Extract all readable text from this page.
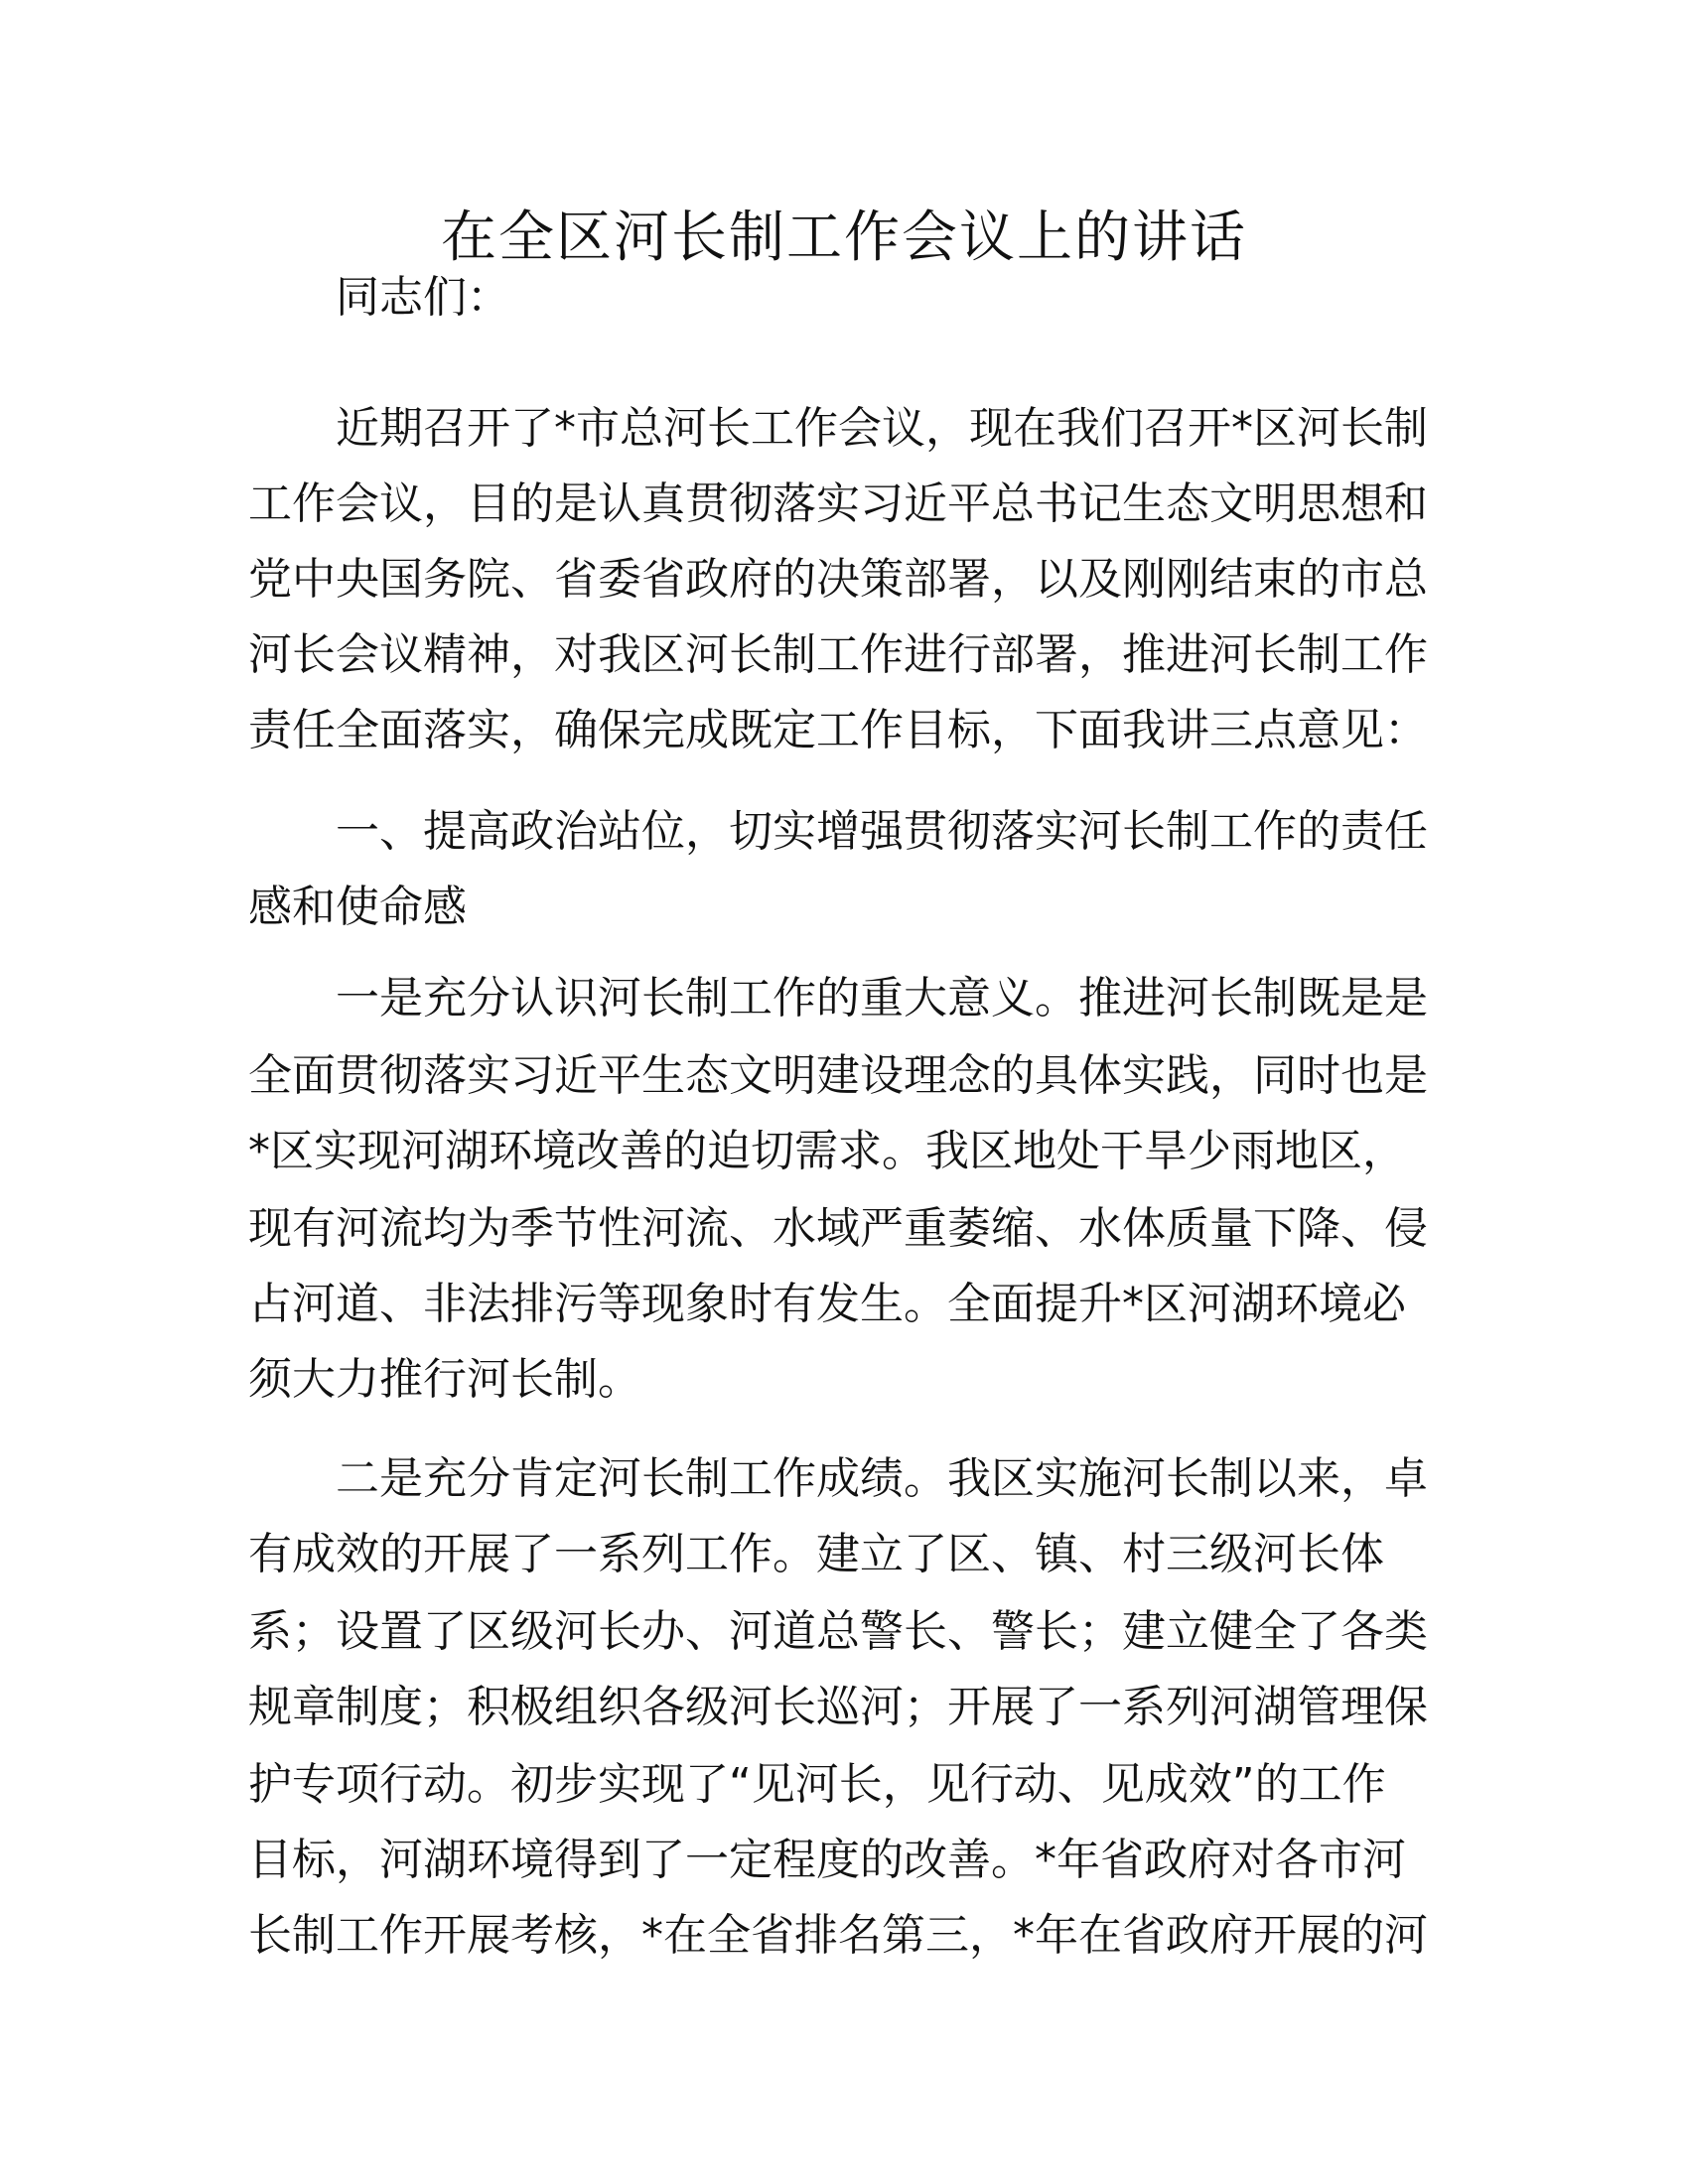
在全区河长制工作会议上的讲话
同志们：
近期召开了*市总河长工作会议，现在我们召开*区河长制
工作会议，目的是认真贯彻落实习近平总书记生态文明思想和
党中央国务院、省委省政府的决策部署，以及刚刚结束的市总
河长会议精神，对我区河长制工作进行部署，推进河长制工作
责任全面落实，确保完成既定工作目标，下面我讲三点意见：
一、提高政治站位，切实增强贯彻落实河长制工作的责任
感和使命感
一是充分认识河长制工作的重大意义。推进河长制既是是
全面贯彻落实习近平生态文明建设理念的具体实践，同时也是
*区实现河湖环境改善的迫切需求。我区地处干旱少雨地区，
现有河流均为季节性河流、水域严重萎缩、水体质量下降、侵
占河道、非法排污等现象时有发生。全面提升*区河湖环境必
须大力推行河长制。
二是充分肯定河长制工作成绩。我区实施河长制以来，卓
有成效的开展了一系列工作。建立了区、镇、村三级河长体
系；设置了区级河长办、河道总警长、警长；建立健全了各类
规章制度；积极组织各级河长巡河；开展了一系列河湖管理保
护专项行动。初步实现了“见河长，见行动、见成效”的工作
目标，河湖环境得到了一定程度的改善。*年省政府对各市河
长制工作开展考核，*在全省排名第三，*年在省政府开展的河
